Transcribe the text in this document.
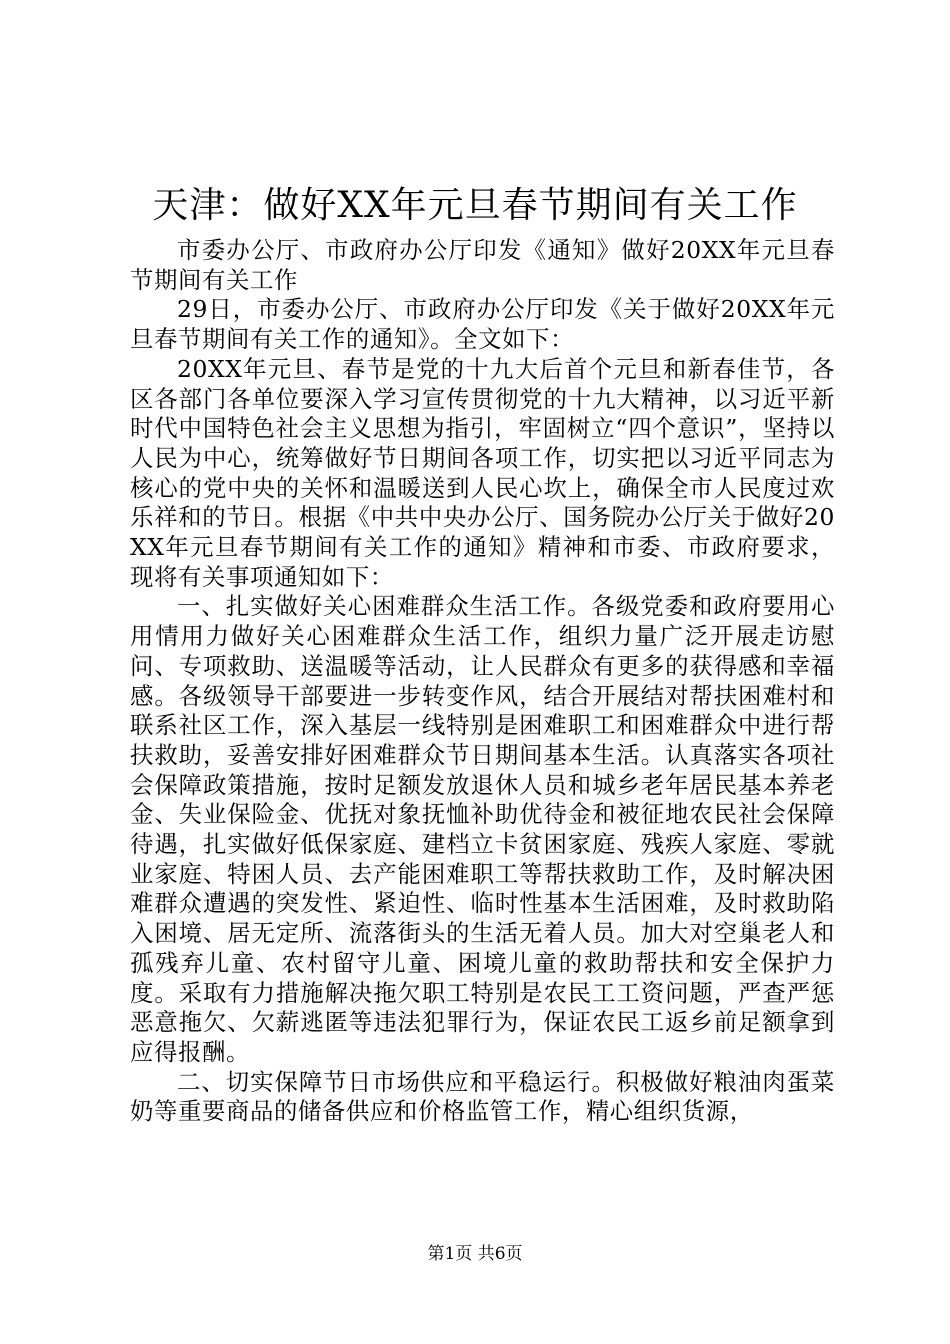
天津：做好XX年元旦春节期间有关工作

市委办公厅、市政府办公厅印发《通知》做好20XX年元旦春节期间有关工作

29日，市委办公厅、市政府办公厅印发《关于做好20XX年元旦春节期间有关工作的通知》。全文如下：

20XX年元旦、春节是党的十九大后首个元旦和新春佳节，各区各部门各单位要深入学习宣传贯彻党的十九大精神，以习近平新时代中国特色社会主义思想为指引，牢固树立“四个意识”，坚持以人民为中心，统筹做好节日期间各项工作，切实把以习近平同志为核心的党中央的关怀和温暖送到人民心坎上，确保全市人民度过欢乐祥和的节日。根据《中共中央办公厅、国务院办公厅关于做好20XX年元旦春节期间有关工作的通知》精神和市委、市政府要求，现将有关事项通知如下：

一、扎实做好关心困难群众生活工作。各级党委和政府要用心用情用力做好关心困难群众生活工作，组织力量广泛开展走访慰问、专项救助、送温暖等活动，让人民群众有更多的获得感和幸福感。各级领导干部要进一步转变作风，结合开展结对帮扶困难村和联系社区工作，深入基层一线特别是困难职工和困难群众中进行帮扶救助，妥善安排好困难群众节日期间基本生活。认真落实各项社会保障政策措施，按时足额发放退休人员和城乡老年居民基本养老金、失业保险金、优抚对象抚恤补助优待金和被征地农民社会保障待遇，扎实做好低保家庭、建档立卡贫困家庭、残疾人家庭、零就业家庭、特困人员、去产能困难职工等帮扶救助工作，及时解决困难群众遭遇的突发性、紧迫性、临时性基本生活困难，及时救助陷入困境、居无定所、流落街头的生活无着人员。加大对空巢老人和孤残弃儿童、农村留守儿童、困境儿童的救助帮扶和安全保护力度。采取有力措施解决拖欠职工特别是农民工工资问题，严查严惩恶意拖欠、欠薪逃匿等违法犯罪行为，保证农民工返乡前足额拿到应得报酬。

二、切实保障节日市场供应和平稳运行。积极做好粮油肉蛋菜奶等重要商品的储备供应和价格监管工作，精心组织货源，

第1页 共6页
